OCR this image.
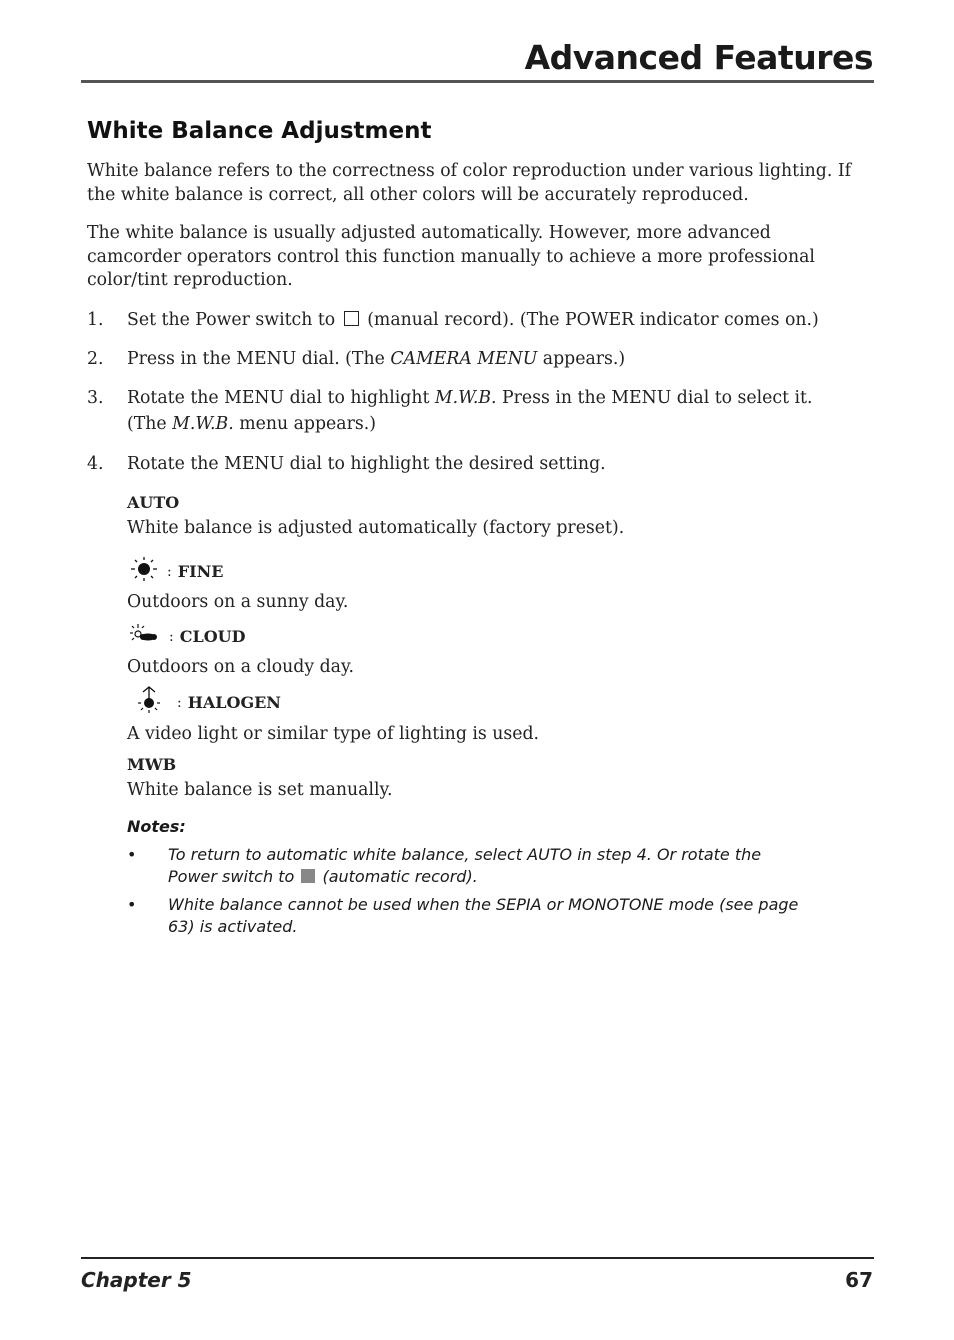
Advanced Features
White Balance Adjustment
White balance refers to the correctness of color reproduction under various lighting. If the white balance is correct, all other colors will be accurately reproduced.
The white balance is usually adjusted automatically. However, more advanced camcorder operators control this function manually to achieve a more professional color/tint reproduction.
1. Set the Power switch to (manual record). (The POWER indicator comes on.)
2. Press in the MENU dial. (The CAMERA MENU appears.)
3. Rotate the MENU dial to highlight M.W.B. Press in the MENU dial to select it. (The M.W.B. menu appears.)
4. Rotate the MENU dial to highlight the desired setting.
AUTO
White balance is adjusted automatically (factory preset).
: FINE
Outdoors on a sunny day.
: CLOUD
Outdoors on a cloudy day.
: HALOGEN
A video light or similar type of lighting is used.
MWB
White balance is set manually.
Notes:
• To return to automatic white balance, select AUTO in step 4. Or rotate the Power switch to (automatic record).
• White balance cannot be used when the SEPIA or MONOTONE mode (see page 63) is activated.
Chapter 5	67
